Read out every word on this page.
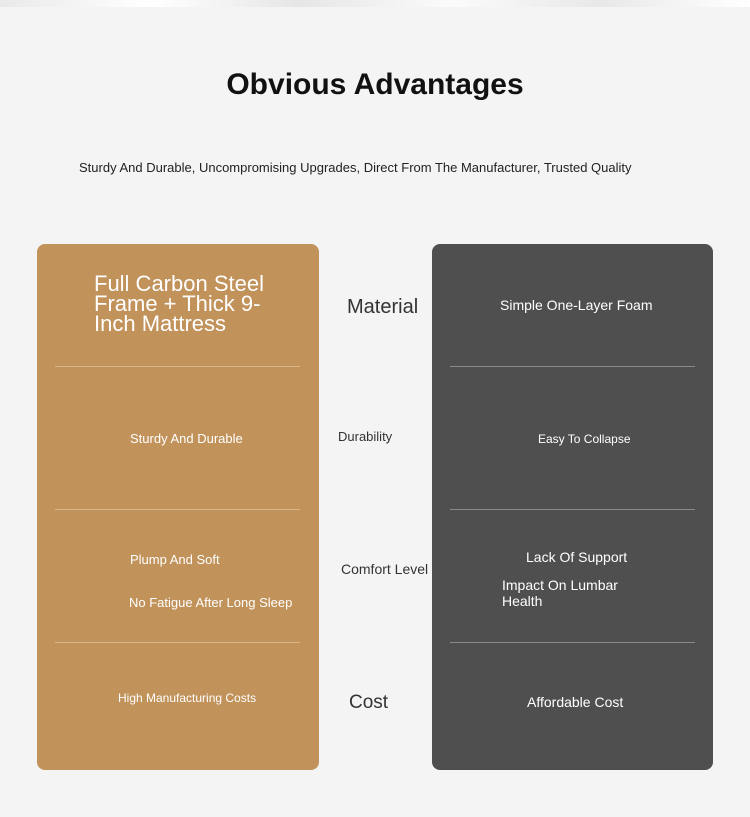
Obvious Advantages
Sturdy And Durable, Uncompromising Upgrades, Direct From The Manufacturer, Trusted Quality
Full Carbon Steel Frame + Thick 9-Inch Mattress
Sturdy And Durable
Plump And Soft
No Fatigue After Long Sleep
High Manufacturing Costs
Material
Durability
Comfort Level
Cost
Simple One-Layer Foam
Easy To Collapse
Lack Of Support
Impact On Lumbar Health
Affordable Cost
